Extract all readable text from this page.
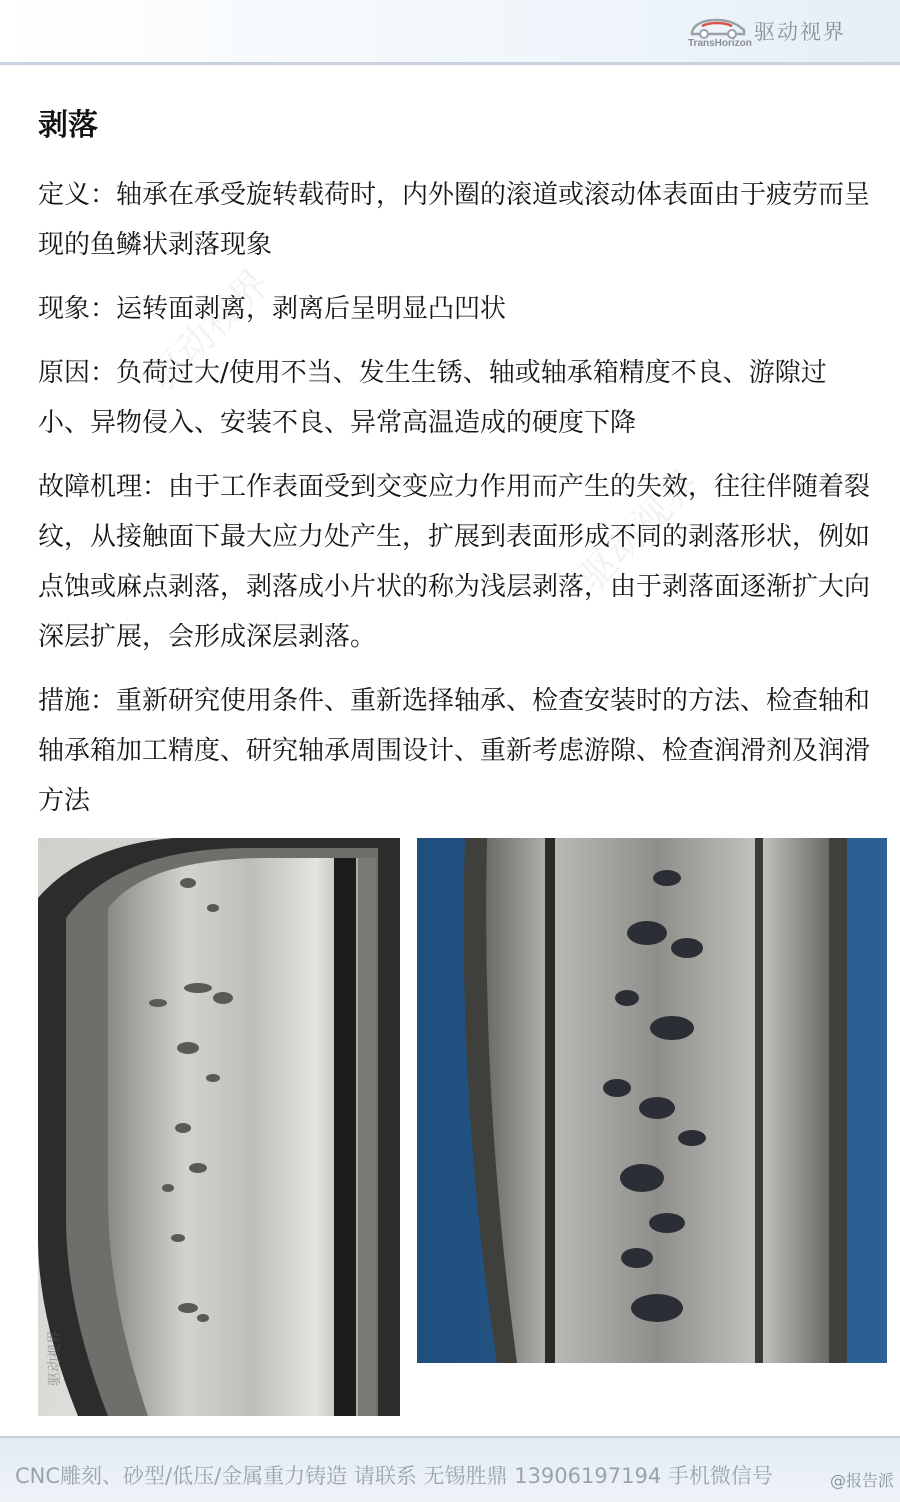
驱动视界
TransHorizon
驱动视界
驱动视界
剥落

定义：轴承在承受旋转载荷时，内外圈的滚道或滚动体表面由于疲劳而呈现的鱼鳞状剥落现象

现象：运转面剥离，剥离后呈明显凸凹状

原因：负荷过大/使用不当、发生生锈、轴或轴承箱精度不良、游隙过小、异物侵入、安装不良、异常高温造成的硬度下降

故障机理：由于工作表面受到交变应力作用而产生的失效，往往伴随着裂纹，从接触面下最大应力处产生，扩展到表面形成不同的剥落形状，例如点蚀或麻点剥落，剥落成小片状的称为浅层剥落，由于剥落面逐渐扩大向深层扩展，会形成深层剥落。

措施：重新研究使用条件、重新选择轴承、检查安装时的方法、检查轴和轴承箱加工精度、研究轴承周围设计、重新考虑游隙、检查润滑剂及润滑方法

驱动视界
CNC雕刻、砂型/低压/金属重力铸造 请联系 无锡胜鼎 13906197194 手机微信号	@报告派
